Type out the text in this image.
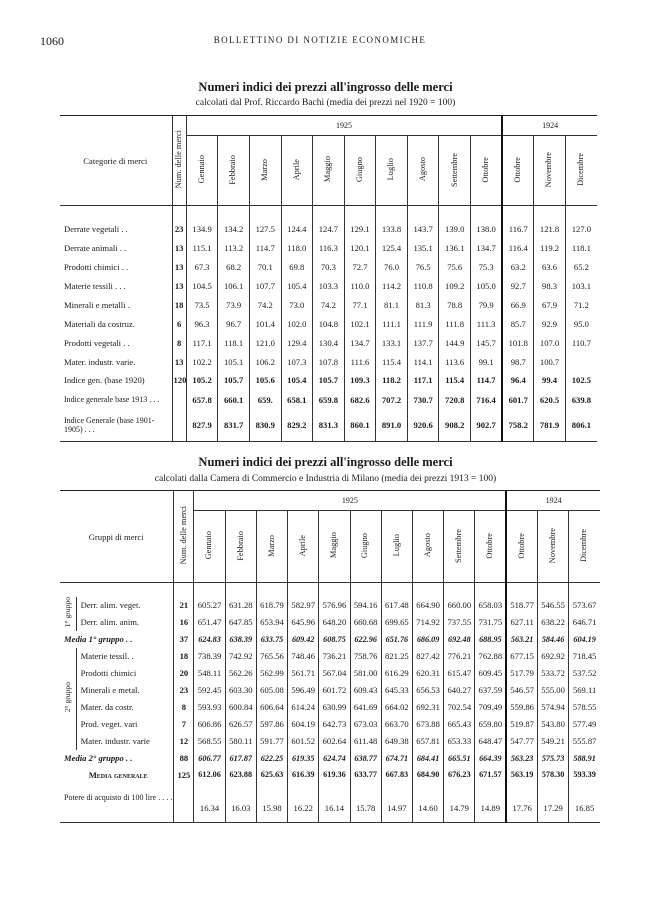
1060	BOLLETTINO DI NOTIZIE ECONOMICHE
Numeri indici dei prezzi all'ingrosso delle merci
calcolati dal Prof. Riccardo Bachi (media dei prezzi nel 1920 = 100)
Categorie di merci	Num. delle merci	1925										1924		
		Gennaio	Febbraio	Marzo	Aprile	Maggio	Giugno	Luglio	Agosto	Settembre	Ottobre	Ottobre	Novembre	Dicembre

Derrate vegetali . .	23	134.9	134.2	127.5	124.4	124.7	129.1	133.8	143.7	139.0	138.0	116.7	121.8	127.0
Derrate animali . .	13	115.1	113.2	114.7	118.0	116.3	120.1	125.4	135.1	136.1	134.7	116.4	119.2	118.1
Prodotti chimici . .	13	67.3	68.2	70.1	69.8	70.3	72.7	76.0	76.5	75.6	75.3	63.2	63.6	65.2
Materie tessili . . .	13	104.5	106.1	107.7	105.4	103.3	110.0	114.2	110.8	109.2	105.0	92.7	98.3	103.1
Minerali e metalli .	18	73.5	73.9	74.2	73.0	74.2	77.1	81.1	81.3	78.8	79.9	66.9	67.9	71.2
Materiali da costruz.	6	96.3	96.7	101.4	102.0	104.8	102.1	111.1	111.9	111.8	111.3	85.7	92.9	95.0
Prodotti vegetali . .	8	117.1	118.1	121.0	129.4	130.4	134.7	133.1	137.7	144.9	145.7	101.8	107.0	110.7
Mater. industr. varie.	13	102.2	105.1	106.2	107.3	107.8	111.6	115.4	114.1	113.6	99.1	98.7	100.7	
Indice gen. (base 1920)	120	105.2	105.7	105.6	105.4	105.7	109.3	118.2	117.1	115.4	114.7	96.4	99.4	102.5
Indice generale base 1913 . . .		657.8	660.1	659.	658.1	659.8	682.6	707.2	730.7	720.8	716.4	601.7	620.5	639.8
Indice Generale (base 1901-1905) . . .		827.9	831.7	830.9	829.2	831.3	860.1	891.0	920.6	908.2	902.7	758.2	781.9	806.1

Numeri indici dei prezzi all'ingrosso delle merci
calcolati dalla Camera di Commercio e Industria di Milano (media dei prezzi 1913 = 100)
Gruppi di merci		Num. delle merci	1925										1924		
			Gennaio	Febbraio	Marzo	Aprile	Maggio	Giugno	Luglio	Agosto	Settembre	Ottobre	Ottobre	Novembre	Dicembre

1° gruppo	Derr. alim. veget.	21	605.27	631.28	618.79	582.97	576.96	594.16	617.48	664.90	660.00	658.03	518.77	546.55	573.67
	Derr. alim. anim.	16	651.47	647.85	653.94	645.96	648.20	660.68	699.65	714.92	737.55	731.75	627.11	638.22	646.71
Media 1° gruppo . .		37	624.83	638.39	633.75	609.42	608.75	622.96	651.76	686.09	692.48	688.95	563.21	584.46	604.19
2° gruppo	Materie tessil. .	18	738.39	742.92	765.56	748.46	736.21	758.76	821.25	827.42	776.21	762.88	677.15	692.92	718.45
	Prodotti chimici	20	548.11	562.26	562.99	561.71	567.04	581.00	616.29	620.31	615.47	609.45	517.79	533.72	537.52
	Minerali e metal.	23	592.45	603.30	605.08	596.49	601.72	609.43	645.33	656.53	640.27	637.59	546.57	555.00	569.11
	Mater. da costr.	8	593.93	600.84	606.64	614.24	630.99	641.69	664.02	692.31	702.54	709.49	559.86	574.94	578.55
	Prod. veget. vari	7	606.86	626.57	597.86	604.19	642.73	673.03	663.70	673.88	665.43	659.80	519.87	543.80	577.49
	Mater. industr. varie	12	568.55	580.11	591.77	601.52	602.64	611.48	649.38	657.81	653.33	648.47	547.77	549.21	555.87
Media 2° gruppo . .		88	606.77	617.87	622.25	619.35	624.74	638.77	674.71	684.41	665.51	664.39	563.23	575.73	588.91
Media generale		125	612.06	623.88	625.63	616.39	619.36	633.77	667.83	684.90	676.23	671.57	563.19	578.30	593.39
Potere di acquisto di 100 lire . . . .			16.34	16.03	15.98	16.22	16.14	15.78	14.97	14.60	14.79	14.89	17.76	17.29	16.85
